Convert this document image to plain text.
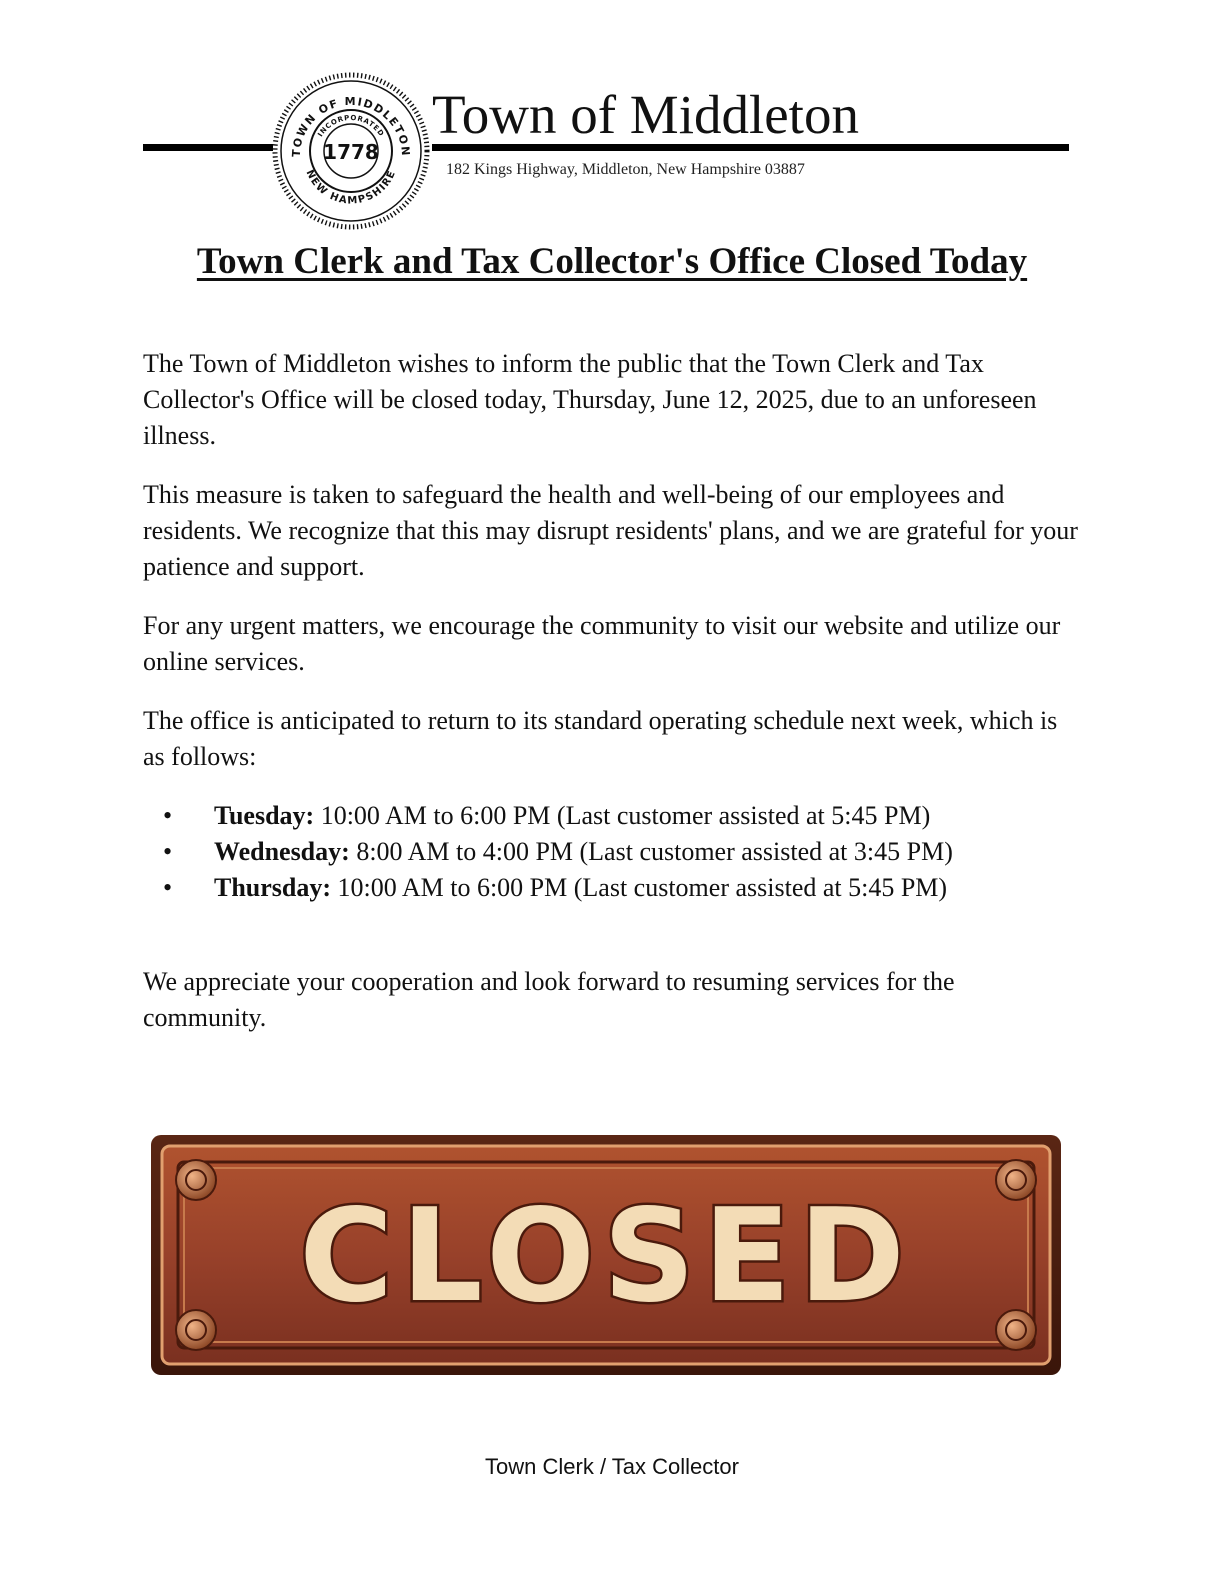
TOWN OF MIDDLETON
INCORPORATED
NEW HAMPSHIRE
1778
Town of Middleton
182 Kings Highway, Middleton, New Hampshire 03887
Town Clerk and Tax Collector's Office Closed Today

The Town of Middleton wishes to inform the public that the Town Clerk and Tax Collector's Office will be closed today, Thursday, June 12, 2025, due to an unforeseen illness.

This measure is taken to safeguard the health and well-being of our employees and residents. We recognize that this may disrupt residents' plans, and we are grateful for your patience and support.

For any urgent matters, we encourage the community to visit our website and utilize our online services.

The office is anticipated to return to its standard operating schedule next week, which is as follows:

• Tuesday: 10:00 AM to 6:00 PM (Last customer assisted at 5:45 PM)
• Wednesday: 8:00 AM to 4:00 PM (Last customer assisted at 3:45 PM)
• Thursday: 10:00 AM to 6:00 PM (Last customer assisted at 5:45 PM)

We appreciate your cooperation and look forward to resuming services for the community.

CLOSED
Town Clerk / Tax Collector
